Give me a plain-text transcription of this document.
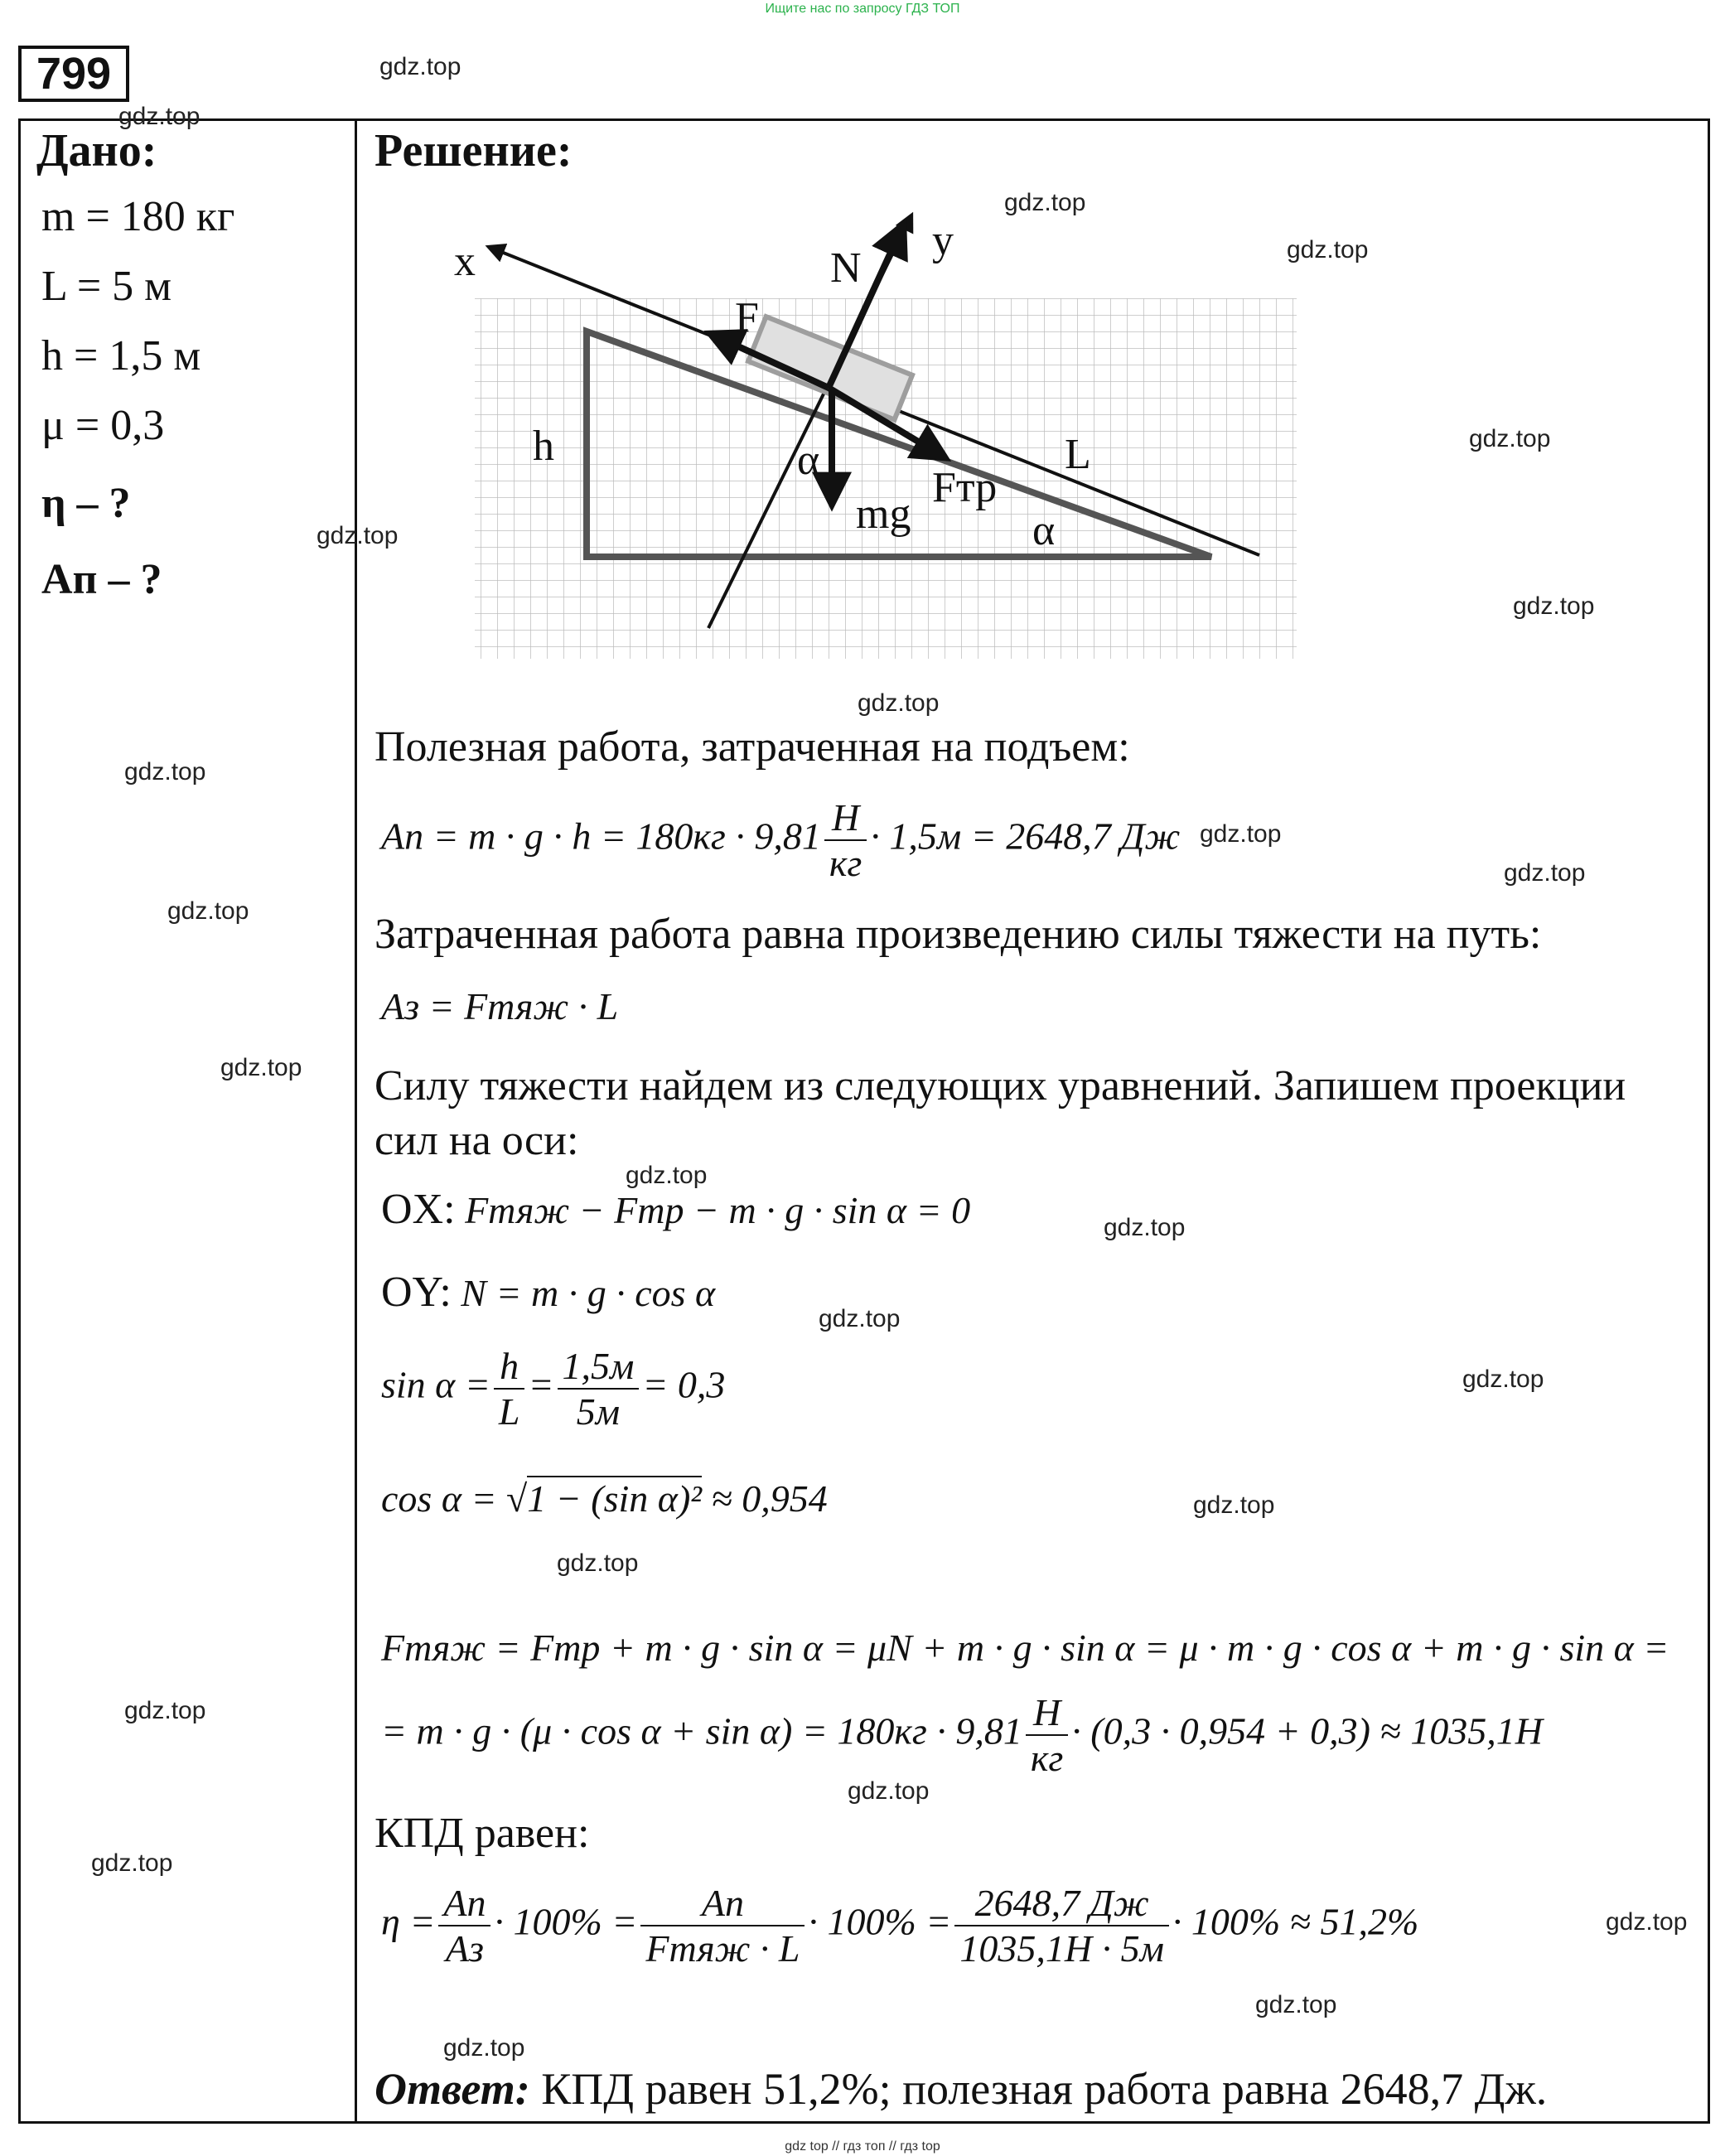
Ищите нас по запросу ГДЗ ТОП
799	gdz.top
gdz.top
gdz.top
gdz.top
gdz.top
gdz.top
gdz.top
gdz.top
gdz.top
gdz.top
gdz.top
gdz.top
gdz.top
gdz.top
gdz.top
gdz.top
gdz.top
gdz.top
gdz.top
gdz.top
gdz.top
gdz.top
gdz.top
gdz.top
gdz.top
Дано:
m = 180 кг
L = 5 м
h = 1,5 м
μ = 0,3
η – ?
Aп – ?
Решение:
x	y
N
F
h	L
α
mg
Fтр
α
Полезная работа, затраченная на подъем:
Aп = $m \cdot g \cdot h = 180кг \cdot 9,81 \frac{Н}{кг} \cdot 1,5м = 2648,7$ Дж
Затраченная работа равна произведению силы тяжести на путь:
Aз = Fтяж · L
Силу тяжести найдем из следующих уравнений. Запишем проекции сил на оси:
OX: Fтяж − Fтр − m · g · sin α = 0
OY: N = m · g · cos α
$\sin \alpha = \frac{h}{L} = \frac{1,5м}{5м} = 0,3$
cos α = √1 − (sin α)² ≈ 0,954
Fтяж = Fтр + m · g · sin α = μN + m · g · sin α = μ · m · g · cos α + m · g · sin α =
= $m \cdot g \cdot (\mu \cdot \cos \alpha + \sin \alpha) = 180кг \cdot 9,81 \frac{Н}{кг} \cdot (0,3 \cdot 0,954 + 0,3) \approx 1035,1Н$
КПД равен:
$\eta = \frac{Aп}{Aз} \cdot 100\% = \frac{Aп}{\text{Fтяж · L}} \cdot 100\% = \frac{2648,7 Дж}{1035,1Н \cdot 5м} \cdot 100\% \approx 51,2\%$
Ответ: КПД равен 51,2%; полезная работа равна 2648,7 Дж.
gdz top // гдз топ // гдз top
